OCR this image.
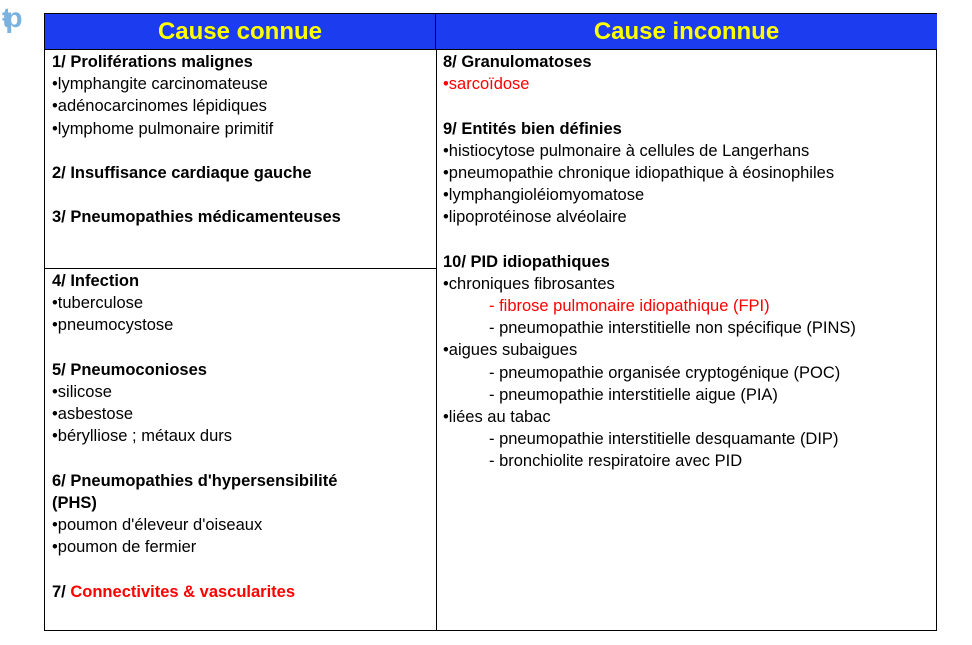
ŧp	Cause connue	Cause inconnue
1/ Proliférations malignes
•lymphangite carcinomateuse
•adénocarcinomes lépidiques
•lymphome pulmonaire primitif
2/ Insuffisance cardiaque gauche
3/ Pneumopathies médicamenteuses
4/ Infection
•tuberculose
•pneumocystose
5/ Pneumoconioses
•silicose
•asbestose
•bérylliose ; métaux durs
6/ Pneumopathies d'hypersensibilité
(PHS)
•poumon d'éleveur d'oiseaux
•poumon de fermier
7/ Connectivites & vascularites
8/ Granulomatoses
•sarcoïdose
9/ Entités bien définies
•histiocytose pulmonaire à cellules de Langerhans
•pneumopathie chronique idiopathique à éosinophiles
•lymphangioléiomyomatose
•lipoprotéinose alvéolaire
10/ PID idiopathiques
•chroniques fibrosantes
- fibrose pulmonaire idiopathique (FPI)
- pneumopathie interstitielle non spécifique (PINS)
•aigues subaigues
- pneumopathie organisée cryptogénique (POC)
- pneumopathie interstitielle aigue (PIA)
•liées au tabac
- pneumopathie interstitielle desquamante (DIP)
- bronchiolite respiratoire avec PID
